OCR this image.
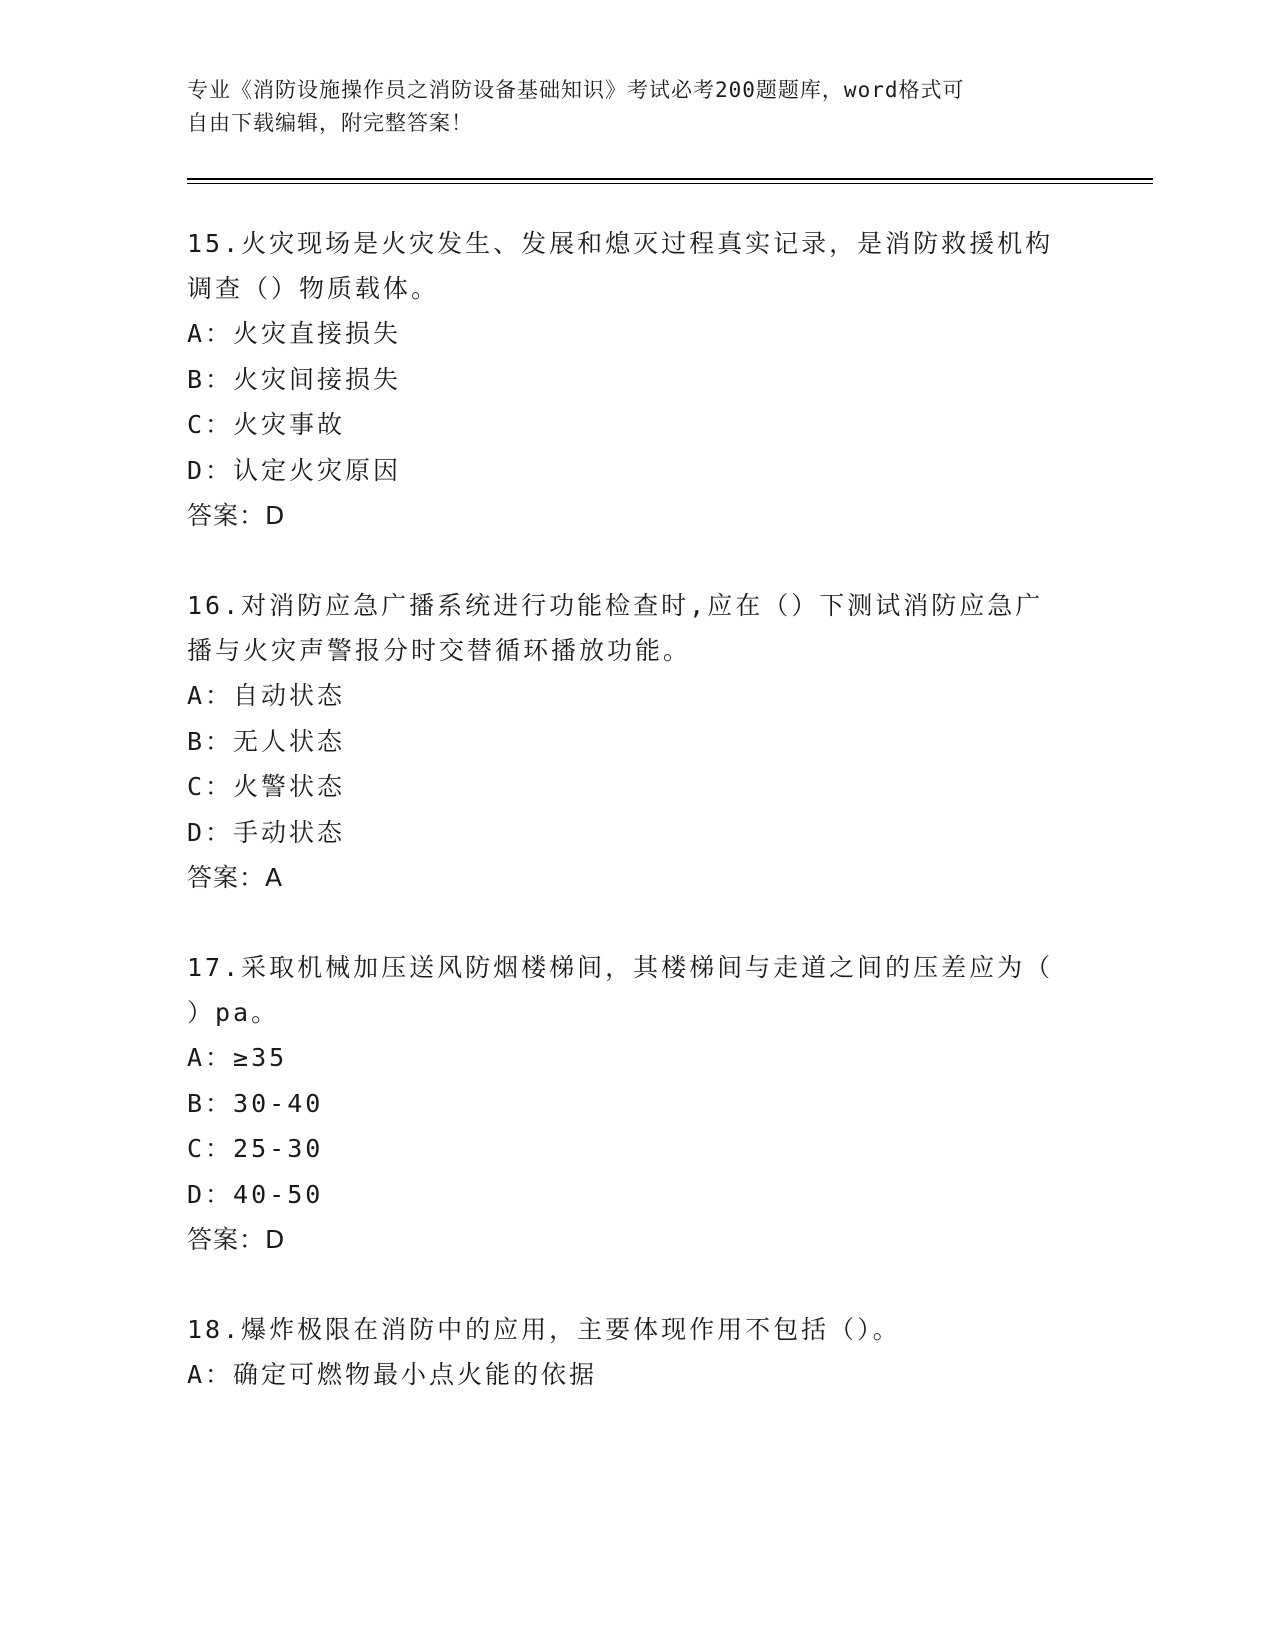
专业《消防设施操作员之消防设备基础知识》考试必考200题题库，word格式可
自由下载编辑，附完整答案！

15.火灾现场是火灾发生、发展和熄灭过程真实记录，是消防救援机构

调查（）物质载体。

A：火灾直接损失

B：火灾间接损失

C：火灾事故

D：认定火灾原因

答案：D

16.对消防应急广播系统进行功能检查时,应在（）下测试消防应急广

播与火灾声警报分时交替循环播放功能。

A：自动状态

B：无人状态

C：火警状态

D：手动状态

答案：A

17.采取机械加压送风防烟楼梯间，其楼梯间与走道之间的压差应为（

）pa。

A：≥35

B：30-40

C：25-30

D：40-50

答案：D

18.爆炸极限在消防中的应用，主要体现作用不包括（）。

A：确定可燃物最小点火能的依据
